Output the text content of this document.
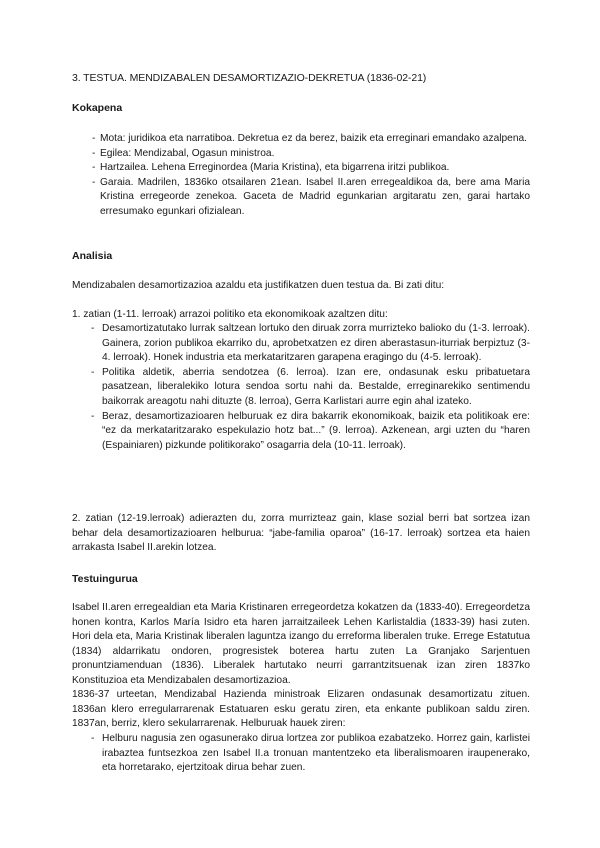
3. TESTUA. MENDIZABALEN DESAMORTIZAZIO-DEKRETUA (1836-02-21)
Kokapena
- Mota: juridikoa eta narratiboa. Dekretua ez da berez, baizik eta erreginari emandako azalpena.
- Egilea: Mendizabal, Ogasun ministroa.
- Hartzailea. Lehena Erreginordea (Maria Kristina), eta bigarrena iritzi publikoa.
- Garaia. Madrilen, 1836ko otsailaren 21ean. Isabel II.aren erregealdikoa da, bere ama Maria Kristina erregeorde zenekoa. Gaceta de Madrid egunkarian argitaratu zen, garai hartako erresumako egunkari ofizialean.
Analisia

Mendizabalen desamortizazioa azaldu eta justifikatzen duen testua da. Bi zati ditu:

1. zatian (1-11. lerroak) arrazoi politiko eta ekonomikoak azaltzen ditu:

- Desamortizatutako lurrak saltzean lortuko den diruak zorra murrizteko balioko du (1-3. lerroak). Gainera, zorion publikoa ekarriko du, aprobetxatzen ez diren aberastasun-iturriak berpiztuz (3-4. lerroak). Honek industria eta merkataritzaren garapena eragingo du (4-5. lerroak).
- Politika aldetik, aberria sendotzea (6. lerroa). Izan ere, ondasunak esku pribatuetara pasatzean, liberalekiko lotura sendoa sortu nahi da. Bestalde, erreginarekiko sentimendu baikorrak areagotu nahi dituzte (8. lerroa), Gerra Karlistari aurre egin ahal izateko.
- Beraz, desamortizazioaren helburuak ez dira bakarrik ekonomikoak, baizik eta politikoak ere: “ez da merkataritzarako espekulazio hotz bat...” (9. lerroa). Azkenean, argi uzten du “haren (Espainiaren) pizkunde politikorako” osagarria dela (10-11. lerroak).

2. zatian (12-19.lerroak) adierazten du, zorra murrizteaz gain, klase sozial berri bat sortzea izan behar dela desamortizazioaren helburua: “jabe-familia oparoa” (16-17. lerroak) sortzea eta haien arrakasta Isabel II.arekin lotzea.

Testuingurua

Isabel II.aren erregealdian eta Maria Kristinaren erregeordetza kokatzen da (1833-40). Erregeordetza honen kontra, Karlos María Isidro eta haren jarraitzaileek Lehen Karlistaldia (1833-39) hasi zuten. Hori dela eta, Maria Kristinak liberalen laguntza izango du erreforma liberalen truke. Errege Estatutua (1834) aldarrikatu ondoren, progresistek boterea hartu zuten La Granjako Sarjentuen pronuntziamenduan (1836). Liberalek hartutako neurri garrantzitsuenak izan ziren 1837ko Konstituzioa eta Mendizabalen desamortizazioa.

1836-37 urteetan, Mendizabal Hazienda ministroak Elizaren ondasunak desamortizatu zituen. 1836an klero erregularrarenak Estatuaren esku geratu ziren, eta enkante publikoan saldu ziren. 1837an, berriz, klero sekularrarenak. Helburuak hauek ziren:

- Helburu nagusia zen ogasunerako dirua lortzea zor publikoa ezabatzeko. Horrez gain, karlistei irabaztea funtsezkoa zen Isabel II.a tronuan mantentzeko eta liberalismoaren iraupenerako, eta horretarako, ejertzitoak dirua behar zuen.
